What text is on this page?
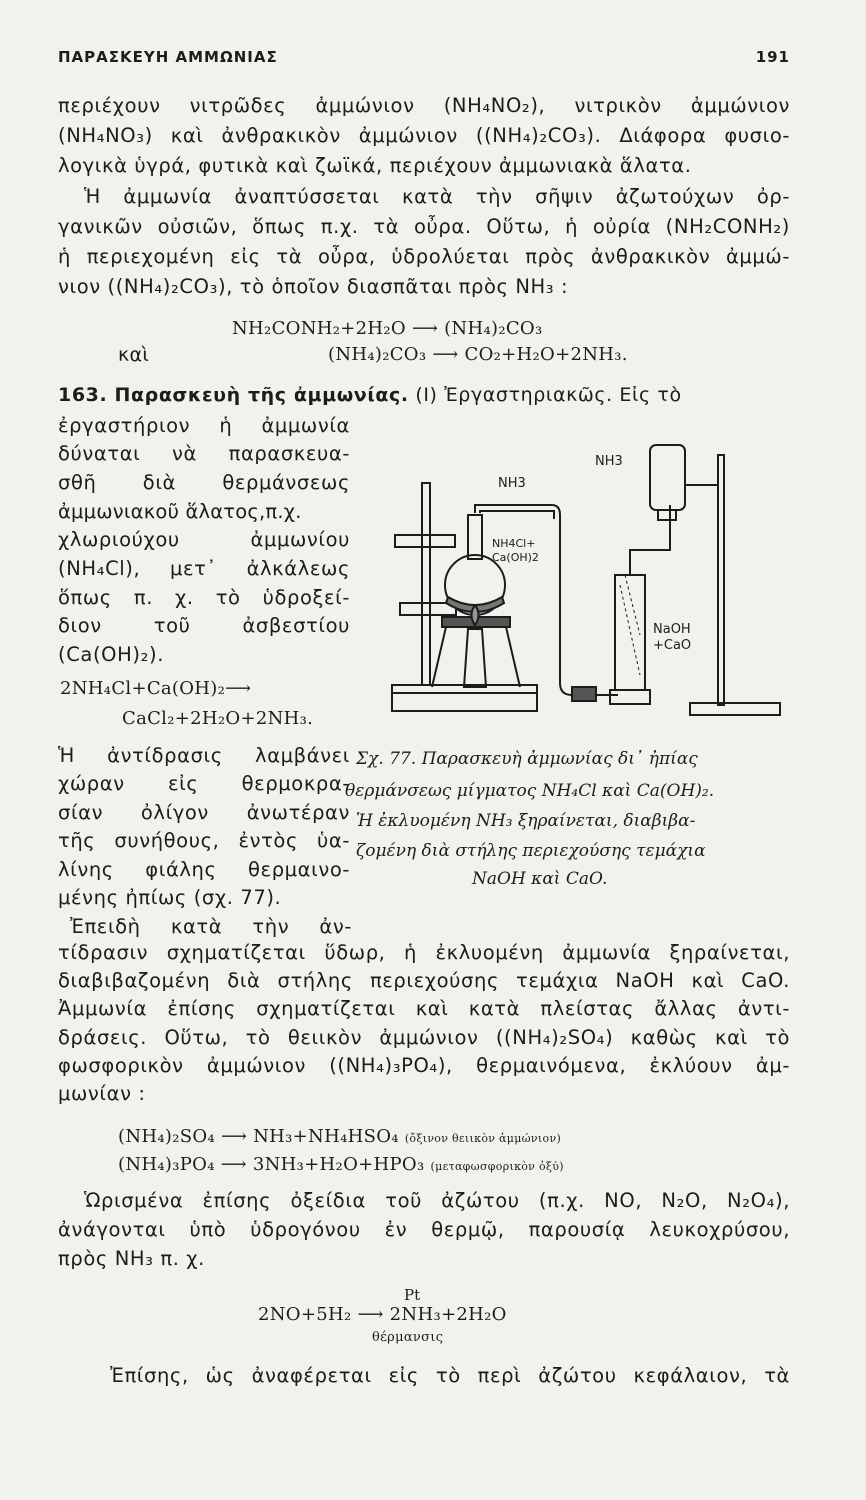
ΠΑΡΑΣΚΕΥΗ ΑΜΜΩΝΙΑΣ	191
περιέχουν νιτρῶδες ἀμμώνιον (NH₄NO₂), νιτρικὸν ἀμμώνιον
(NH₄NO₃) καὶ ἀνθρακικὸν ἀμμώνιον ((NH₄)₂CO₃). Διάφορα φυσιο-
λογικὰ ὑγρά, φυτικὰ καὶ ζωϊκά, περιέχουν ἀμμωνιακὰ ἅλατα.
Ἡ ἀμμωνία ἀναπτύσσεται κατὰ τὴν σῆψιν ἀζωτούχων ὀρ-
γανικῶν οὐσιῶν, ὅπως π.χ. τὰ οὖρα. Οὕτω, ἡ οὐρία (NH₂CONH₂)
ἡ περιεχομένη εἰς τὰ οὖρα, ὑδρολύεται πρὸς ἀνθρακικὸν ἀμμώ-
νιον ((NH₄)₂CO₃), τὸ ὁποῖον διασπᾶται πρὸς NH₃ :
NH₂CONH₂+2H₂O ⟶ (NH₄)₂CO₃
καὶ	(NH₄)₂CO₃ ⟶ CO₂+H₂O+2NH₃.
163. Παρασκευὴ τῆς ἀμμωνίας. (I) Ἐργαστηριακῶς. Εἰς τὸ
ἐργαστήριον ἡ ἀμμωνία
δύναται νὰ παρασκευα-
σθῆ διὰ θερμάνσεως
ἀμμωνιακοῦ ἅλατος,π.χ.
χλωριούχου ἀμμωνίου
(NH₄Cl), μετ᾽ ἀλκάλεως
ὅπως π. χ. τὸ ὑδροξεί-
διον τοῦ ἀσβεστίου
(Ca(OH)₂).
2NH₄Cl+Ca(OH)₂⟶
CaCl₂+2H₂O+2NH₃.
Ἡ ἀντίδρασις λαμβάνει
χώραν εἰς θερμοκρα-
σίαν ὀλίγον ἀνωτέραν
τῆς συνήθους, ἐντὸς ὑα-
λίνης φιάλης θερμαινο-
μένης ἠπίως (σχ. 77).
Ἐπειδὴ κατὰ τὴν ἀν-
NH3
NH3
NH4Cl+
Ca(OH)2
NaOH
+CaO
Σχ. 77. Παρασκευὴ ἀμμωνίας δι᾽ ἠπίας
θερμάνσεως μίγματος NH₄Cl καὶ Ca(OH)₂.
Ἡ ἐκλυομένη NH₃ ξηραίνεται, διαβιβα-
ζομένη διὰ στήλης περιεχούσης τεμάχια
NaOH καὶ CaO.
τίδρασιν σχηματίζεται ὕδωρ, ἡ ἐκλυομένη ἀμμωνία ξηραίνεται,
διαβιβαζομένη διὰ στήλης περιεχούσης τεμάχια NaOH καὶ CaO.
Ἀμμωνία ἐπίσης σχηματίζεται καὶ κατὰ πλείστας ἄλλας ἀντι-
δράσεις. Οὕτω, τὸ θειικὸν ἀμμώνιον ((NH₄)₂SO₄) καθὼς καὶ τὸ
φωσφορικὸν ἀμμώνιον ((NH₄)₃PO₄), θερμαινόμενα, ἐκλύουν ἀμ-
μωνίαν :
(NH₄)₂SO₄ ⟶ NH₃+NH₄HSO₄ (ὄξινον θειικὸν ἀμμώνιον)
(NH₄)₃PO₄ ⟶ 3NH₃+H₂O+HPO₃ (μεταφωσφορικὸν ὀξύ)
Ὡρισμένα ἐπίσης ὀξείδια τοῦ ἀζώτου (π.χ. NO, N₂O, N₂O₄),
ἀνάγονται ὑπὸ ὑδρογόνου ἐν θερμῷ, παρουσίᾳ λευκοχρύσου,
πρὸς NH₃ π. χ.
Pt
2NO+5H₂ ⟶ 2NH₃+2H₂O
θέρμανσις
Ἐπίσης, ὡς ἀναφέρεται εἰς τὸ περὶ ἀζώτου κεφάλαιον, τὰ
